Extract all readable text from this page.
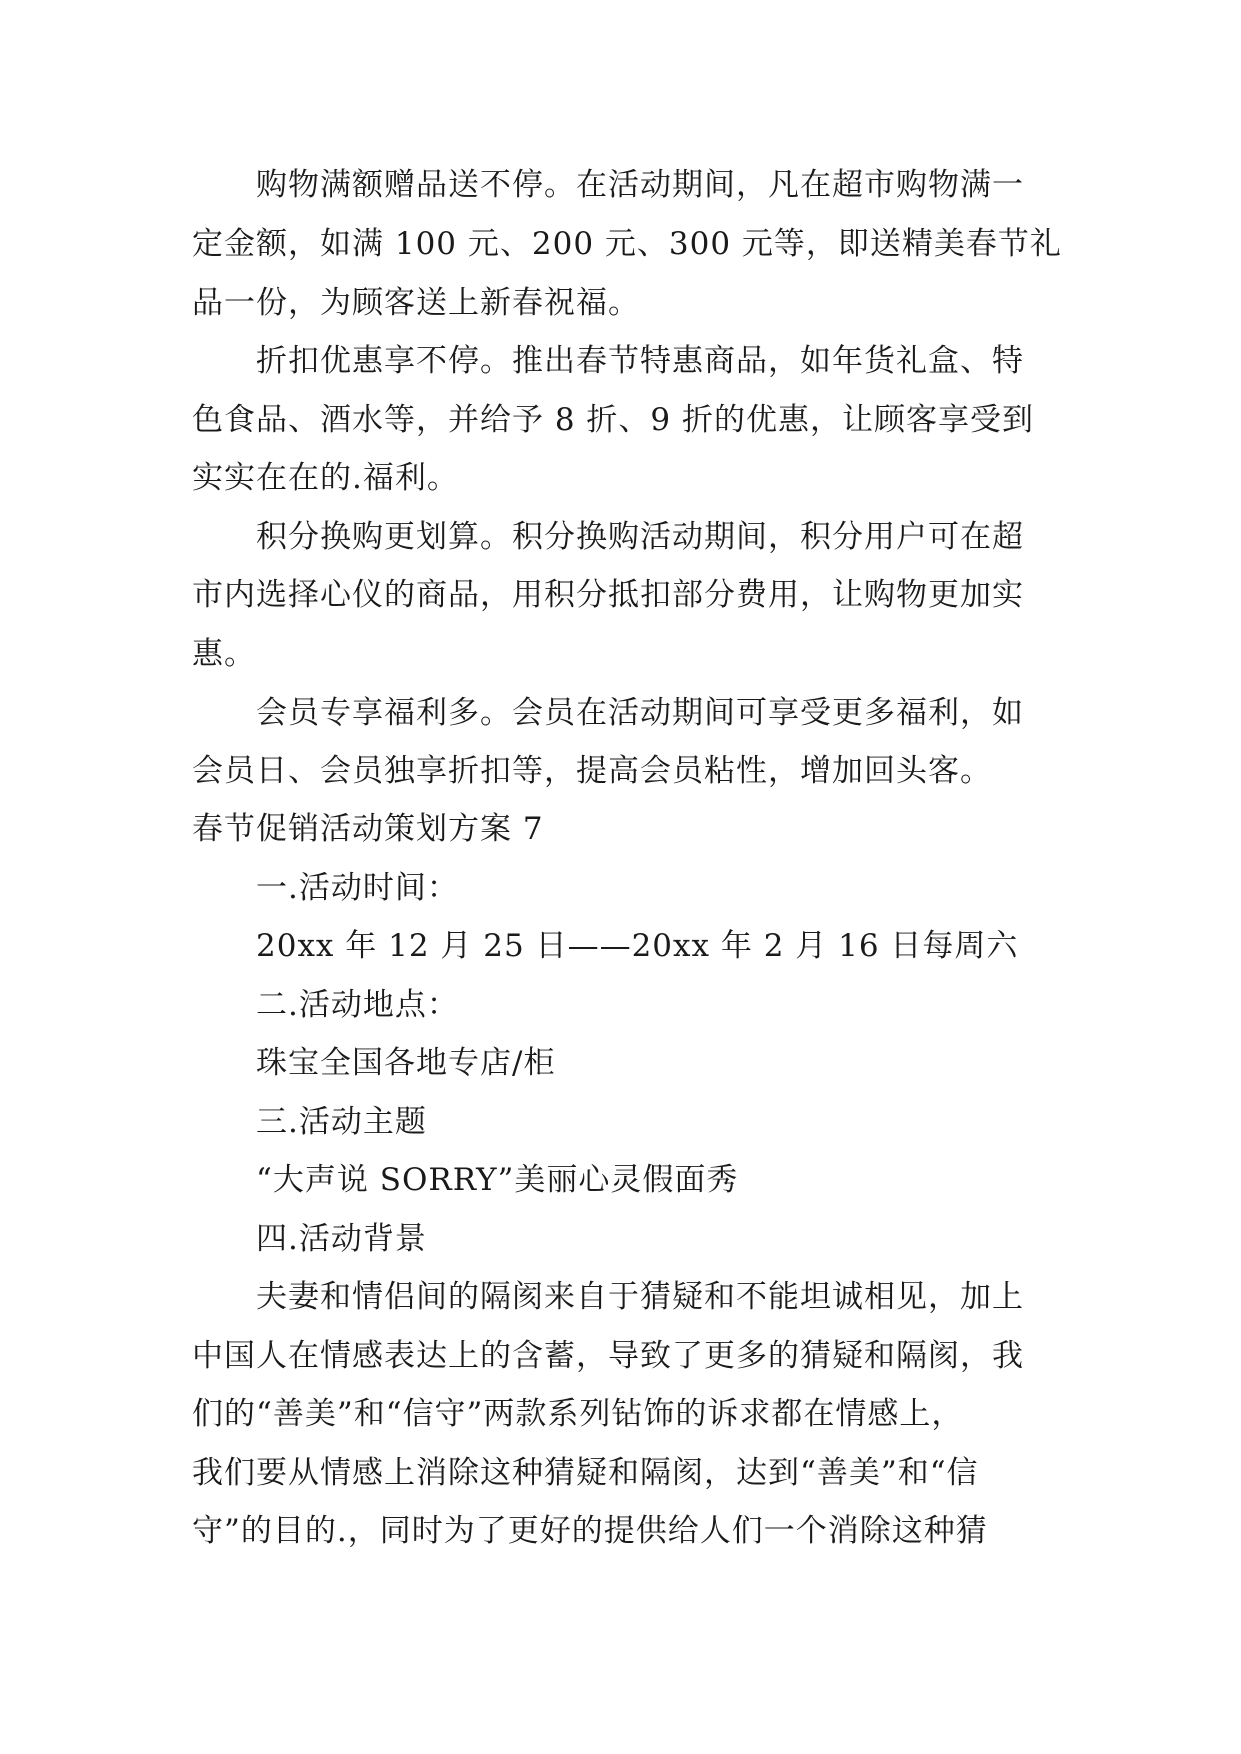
购物满额赠品送不停。在活动期间，凡在超市购物满一
定金额，如满 100 元、200 元、300 元等，即送精美春节礼
品一份，为顾客送上新春祝福。
折扣优惠享不停。推出春节特惠商品，如年货礼盒、特
色食品、酒水等，并给予 8 折、9 折的优惠，让顾客享受到
实实在在的.福利。
积分换购更划算。积分换购活动期间，积分用户可在超
市内选择心仪的商品，用积分抵扣部分费用，让购物更加实
惠。
会员专享福利多。会员在活动期间可享受更多福利，如
会员日、会员独享折扣等，提高会员粘性，增加回头客。
春节促销活动策划方案 7
一.活动时间：
20xx 年 12 月 25 日——20xx 年 2 月 16 日每周六
二.活动地点：
珠宝全国各地专店/柜
三.活动主题
“大声说 SORRY”美丽心灵假面秀
四.活动背景
夫妻和情侣间的隔阂来自于猜疑和不能坦诚相见，加上
中国人在情感表达上的含蓄，导致了更多的猜疑和隔阂，我
们的“善美”和“信守”两款系列钻饰的诉求都在情感上，
我们要从情感上消除这种猜疑和隔阂，达到“善美”和“信
守”的目的.，同时为了更好的提供给人们一个消除这种猜
